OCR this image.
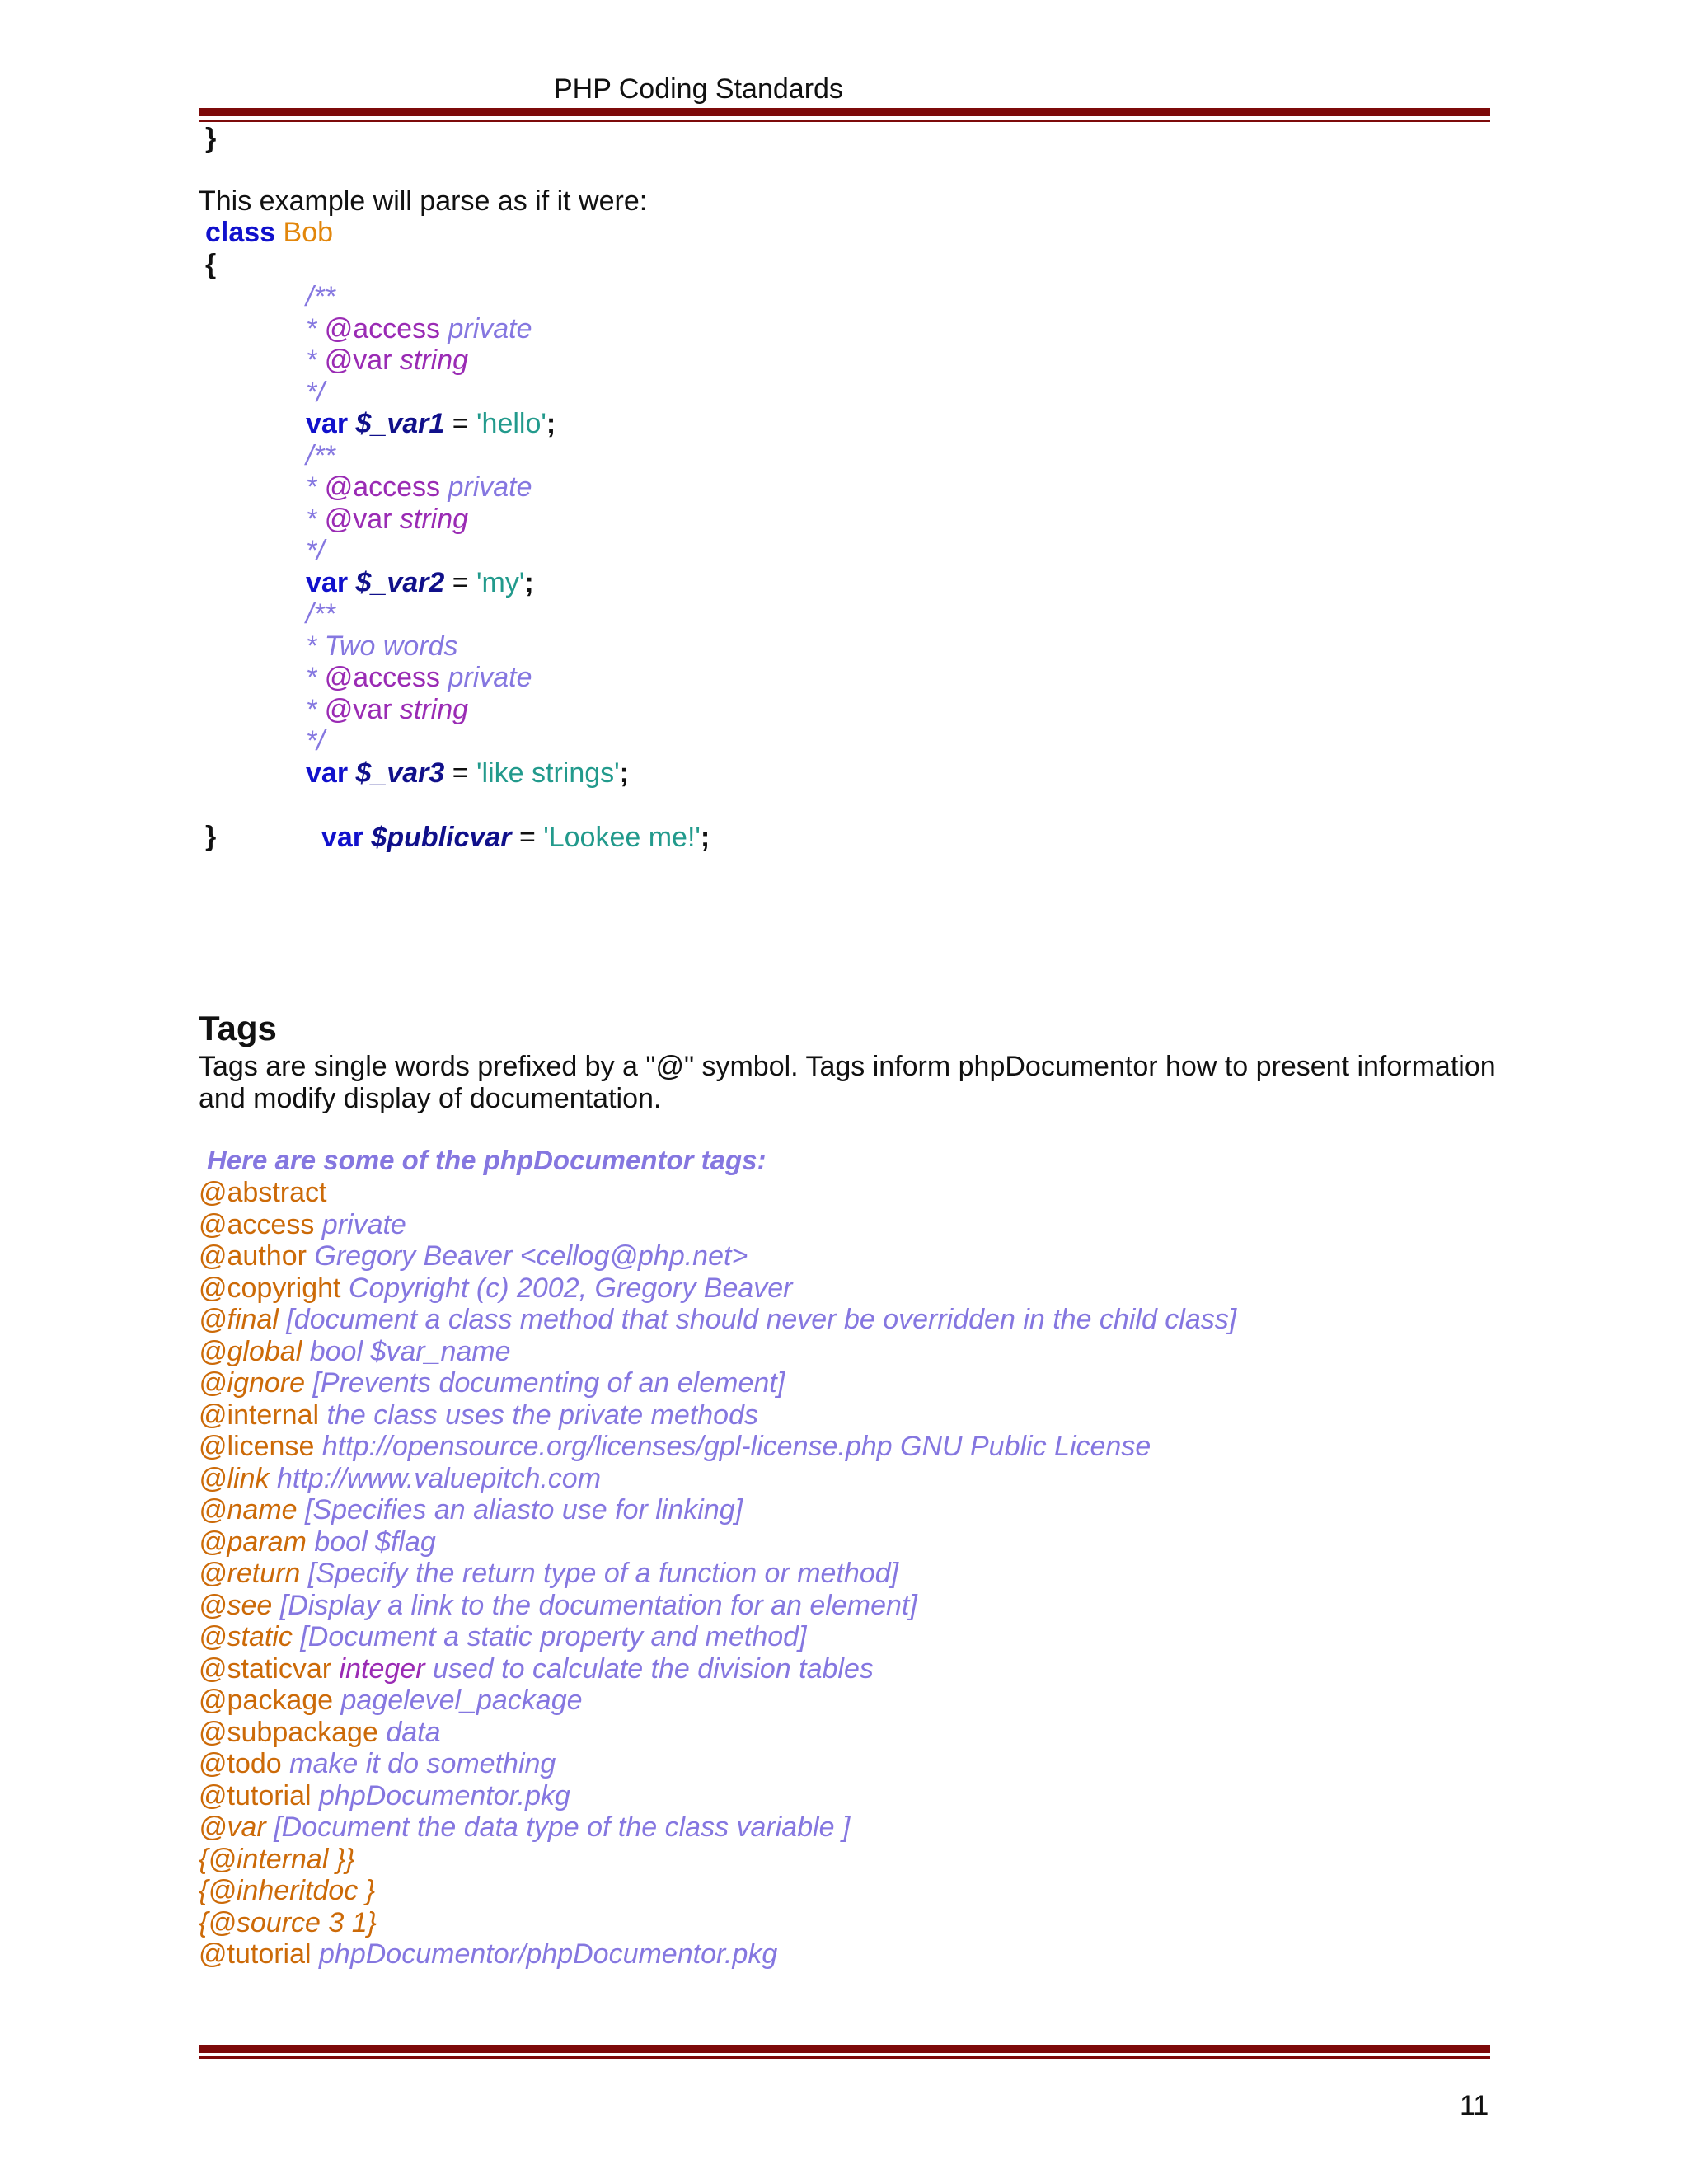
PHP Coding Standards
}
This example will parse as if it were:
class Bob
{
/**
* @access private
* @var string
*/
var $_var1 = 'hello';
/**
* @access private
* @var string
*/
var $_var2 = 'my';
/**
* Two words
* @access private
* @var string
*/
var $_var3 = 'like strings';

var $publicvar = 'Lookee me!';

}
Tags
Tags are single words prefixed by a "@" symbol. Tags inform phpDocumentor how to present information
and modify display of documentation.
Here are some of the phpDocumentor tags:
@abstract
@access private
@author Gregory Beaver <cellog@php.net>
@copyright Copyright (c) 2002, Gregory Beaver
@final [document a class method that should never be overridden in the child class]
@global bool $var_name
@ignore [Prevents documenting of an element]
@internal the class uses the private methods
@license http://opensource.org/licenses/gpl-license.php GNU Public License
@link http://www.valuepitch.com
@name [Specifies an aliasto use for linking]
@param bool $flag
@return [Specify the return type of a function or method]
@see [Display a link to the documentation for an element]
@static [Document a static property and method]
@staticvar integer used to calculate the division tables
@package pagelevel_package
@subpackage data
@todo make it do something
@tutorial phpDocumentor.pkg
@var [Document the data type of the class variable ]
{@internal }}
{@inheritdoc }
{@source 3 1}
@tutorial phpDocumentor/phpDocumentor.pkg
11
